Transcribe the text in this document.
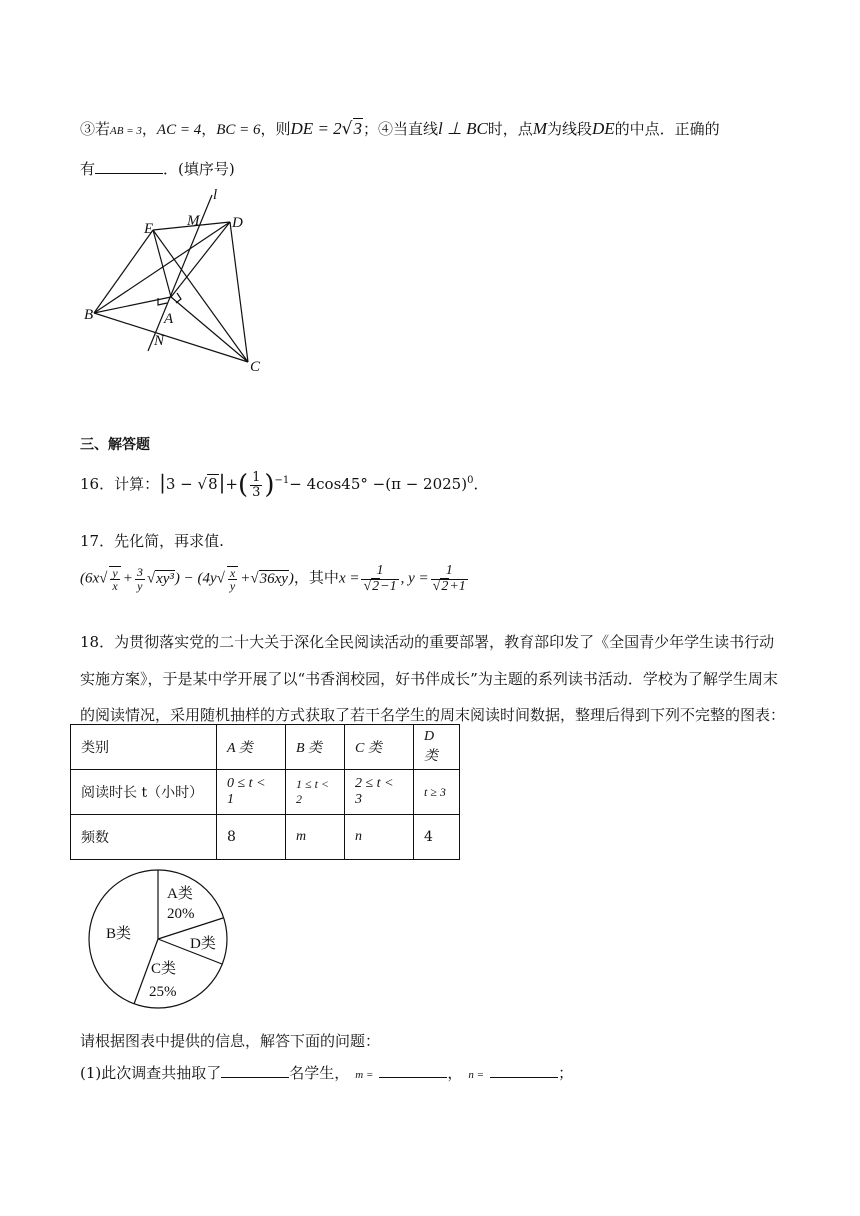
③若AB = 3，AC = 4，BC = 6，则DE = 2√3；④当直线l ⊥ BC时，点M为线段DE的中点．正确的
有	．(填序号)
l
M D
E
B	A
N
C
三、解答题
16．计算：$|3 - √8|+( \frac{1}{3} )^{-1}- 4\cos 45^\circ -(\pi - 2025)^0$．
17．先化简，再求值.
$(6x√ \frac{y}{x} + \frac{3}{y} √xy^3) - (4y√ \frac{x}{y} +√36xy)$，其中$x = \frac{1}{√2-1}$ , $y = \frac{1}{√2+1}$
18．为贯彻落实党的二十大关于深化全民阅读活动的重要部署，教育部印发了《全国青少年学生读书行动
实施方案》，于是某中学开展了以“书香润校园，好书伴成长”为主题的系列读书活动．学校为了解学生周末
的阅读情况，采用随机抽样的方式获取了若干名学生的周末阅读时间数据，整理后得到下列不完整的图表：
类别	A 类	B 类	C 类	D 类
阅读时长 t（小时）	0 ≤ t < 1	1 ≤ t < 2	2 ≤ t < 3	t ≥ 3
频数	8	m	n	4
A类
20%
B类
D类
C类
25%
请根据图表中提供的信息，解答下面的问题：
(1)此次调查共抽取了	名学生， m =	， n =	；
